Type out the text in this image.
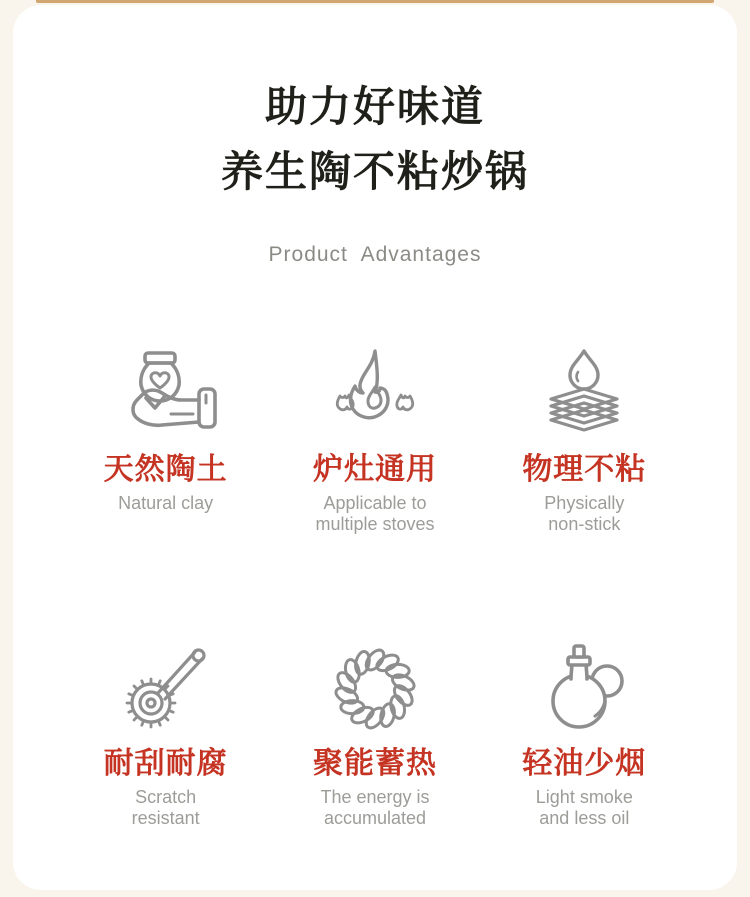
助力好味道
养生陶不粘炒锅
Product Advantages
天然陶土
Natural clay
炉灶通用
Applicable to
multiple stoves
物理不粘
Physically
non-stick
耐刮耐腐
Scratch
resistant
聚能蓄热
The energy is
accumulated
轻油少烟
Light smoke
and less oil
